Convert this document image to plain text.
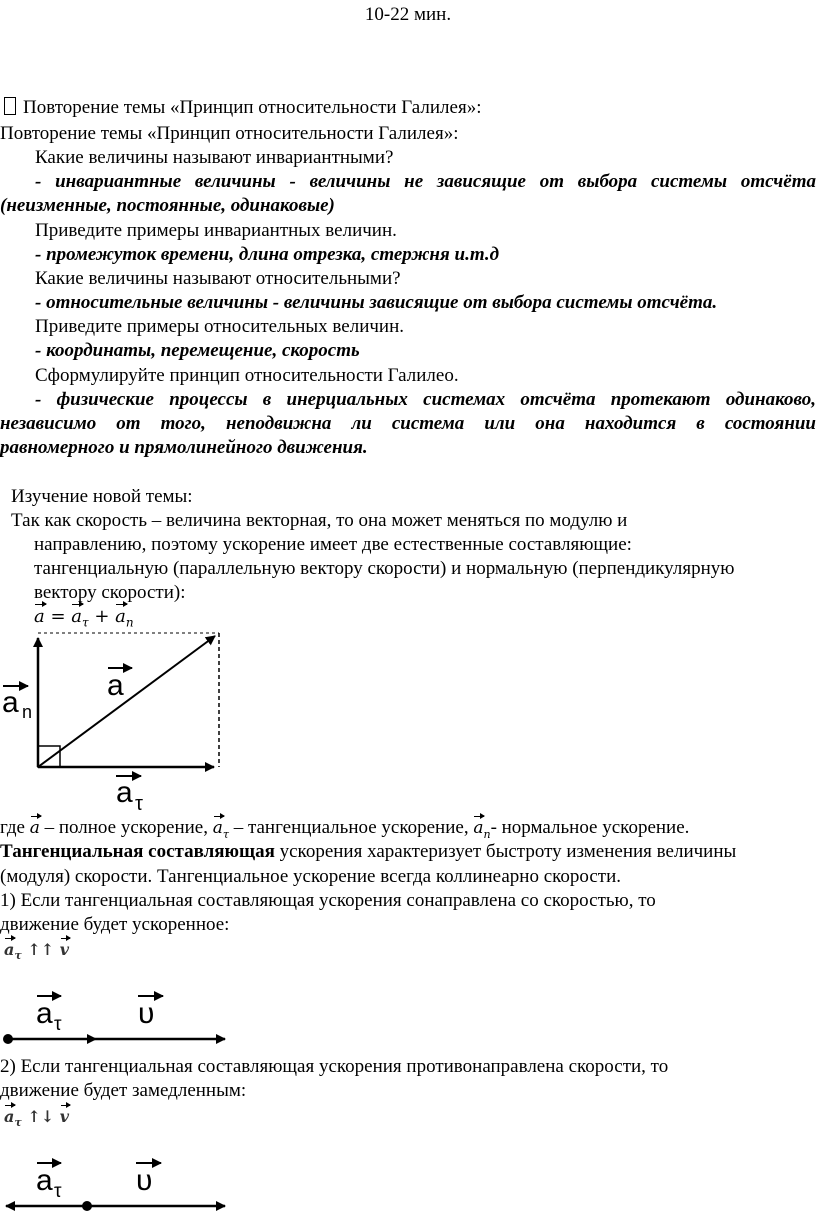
10-22 мин.
Повторение темы «Принцип относительности Галилея»:
Повторение темы «Принцип относительности Галилея»:
Какие величины называют инвариантными?
- инвариантные величины - величины не зависящие от выбора системы отсчёта
(неизменные, постоянные, одинаковые)
Приведите примеры инвариантных величин.
- промежуток времени, длина отрезка, стержня и.т.д
Какие величины называют относительными?
- относительные величины - величины зависящие от выбора системы отсчёта.
Приведите примеры относительных величин.
- координаты, перемещение, скорость
Сформулируйте принцип относительности Галилео.
- физические процессы в инерциальных системах отсчёта протекают одинаково,
независимо от того, неподвижна ли система или она находится в состоянии
равномерного и прямолинейного движения.
Изучение новой темы:
Так как скорость – величина векторная, то она может меняться по модулю и
направлению, поэтому ускорение имеет две естественные составляющие:
тангенциальную (параллельную вектору скорости) и нормальную (перпендикулярную
вектору скорости):
$a = a_\tau + a_n$
a
a n
a τ
где a – полное ускорение, $a_\tau$ – тангенциальное ускорение, $a_n-$ нормальное ускорение.
Тангенциальная составляющая ускорения характеризует быстроту изменения величины
(модуля) скорости. Тангенциальное ускорение всегда коллинеарно скорости.
1) Если тангенциальная составляющая ускорения сонаправлена со скоростью, то
движение будет ускоренное:
$a_\tau$ ↑↑ v
a τ	υ
2) Если тангенциальная составляющая ускорения противонаправлена скорости, то
движение будет замедленным:
$a_\tau$ ↑↓ v
a τ υ
